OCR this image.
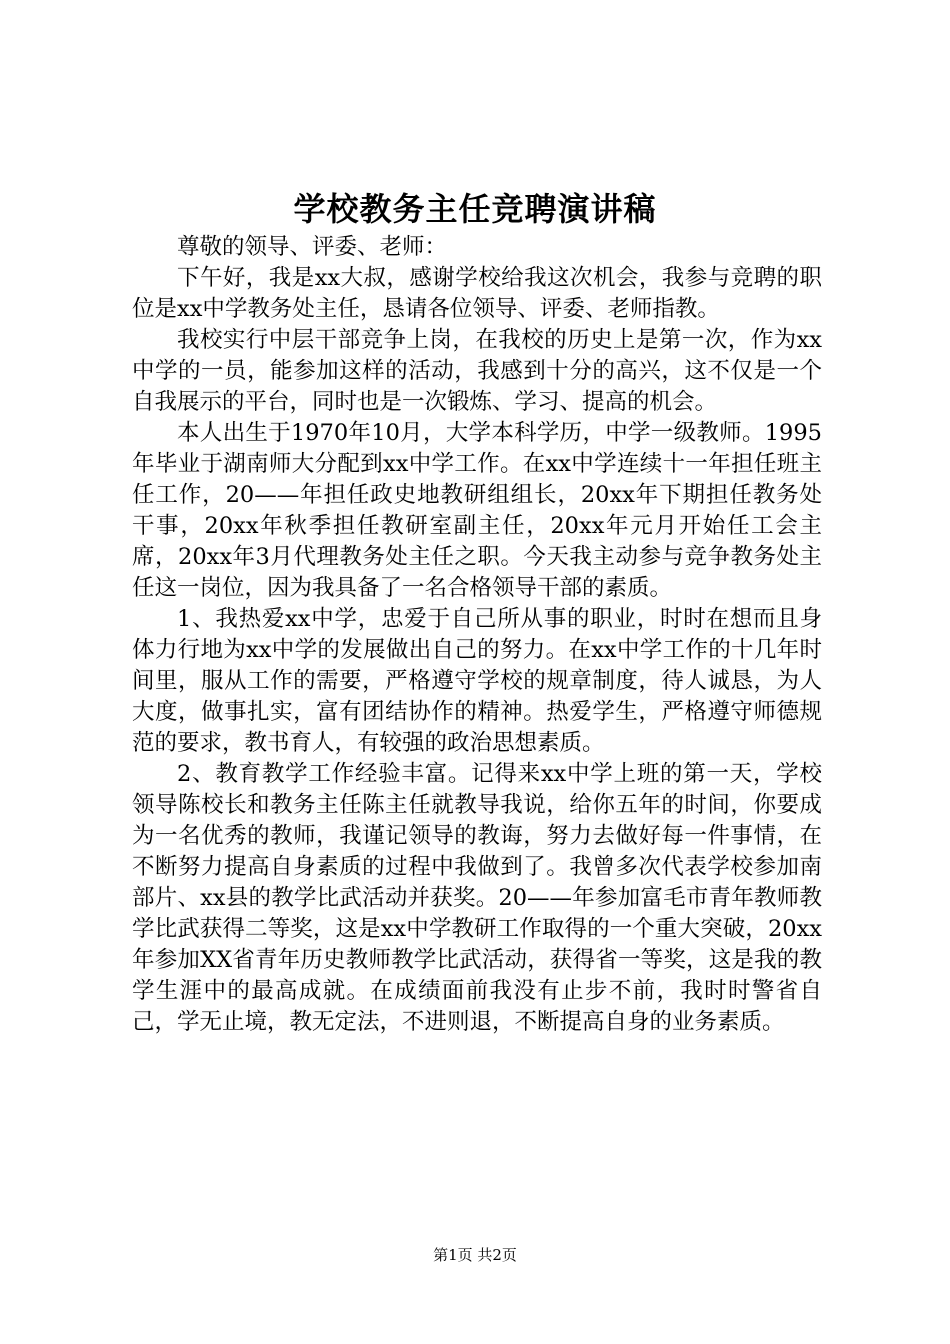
学校教务主任竞聘演讲稿

尊敬的领导、评委、老师：

下午好，我是xx大叔，感谢学校给我这次机会，我参与竞聘的职位是xx中学教务处主任，恳请各位领导、评委、老师指教。

我校实行中层干部竞争上岗，在我校的历史上是第一次，作为xx中学的一员，能参加这样的活动，我感到十分的高兴，这不仅是一个自我展示的平台，同时也是一次锻炼、学习、提高的机会。

本人出生于1970年10月，大学本科学历，中学一级教师。1995年毕业于湖南师大分配到xx中学工作。在xx中学连续十一年担任班主任工作，20——年担任政史地教研组组长，20xx年下期担任教务处干事，20xx年秋季担任教研室副主任，20xx年元月开始任工会主席，20xx年3月代理教务处主任之职。今天我主动参与竞争教务处主任这一岗位，因为我具备了一名合格领导干部的素质。

1、我热爱xx中学，忠爱于自己所从事的职业，时时在想而且身体力行地为xx中学的发展做出自己的努力。在xx中学工作的十几年时间里，服从工作的需要，严格遵守学校的规章制度，待人诚恳，为人大度，做事扎实，富有团结协作的精神。热爱学生，严格遵守师德规范的要求，教书育人，有较强的政治思想素质。

2、教育教学工作经验丰富。记得来xx中学上班的第一天，学校领导陈校长和教务主任陈主任就教导我说，给你五年的时间，你要成为一名优秀的教师，我谨记领导的教诲，努力去做好每一件事情，在不断努力提高自身素质的过程中我做到了。我曾多次代表学校参加南部片、xx县的教学比武活动并获奖。20——年参加富毛市青年教师教学比武获得二等奖，这是xx中学教研工作取得的一个重大突破，20xx年参加XX省青年历史教师教学比武活动，获得省一等奖，这是我的教学生涯中的最高成就。在成绩面前我没有止步不前，我时时警省自己，学无止境，教无定法，不进则退，不断提高自身的业务素质。

第1页 共2页
